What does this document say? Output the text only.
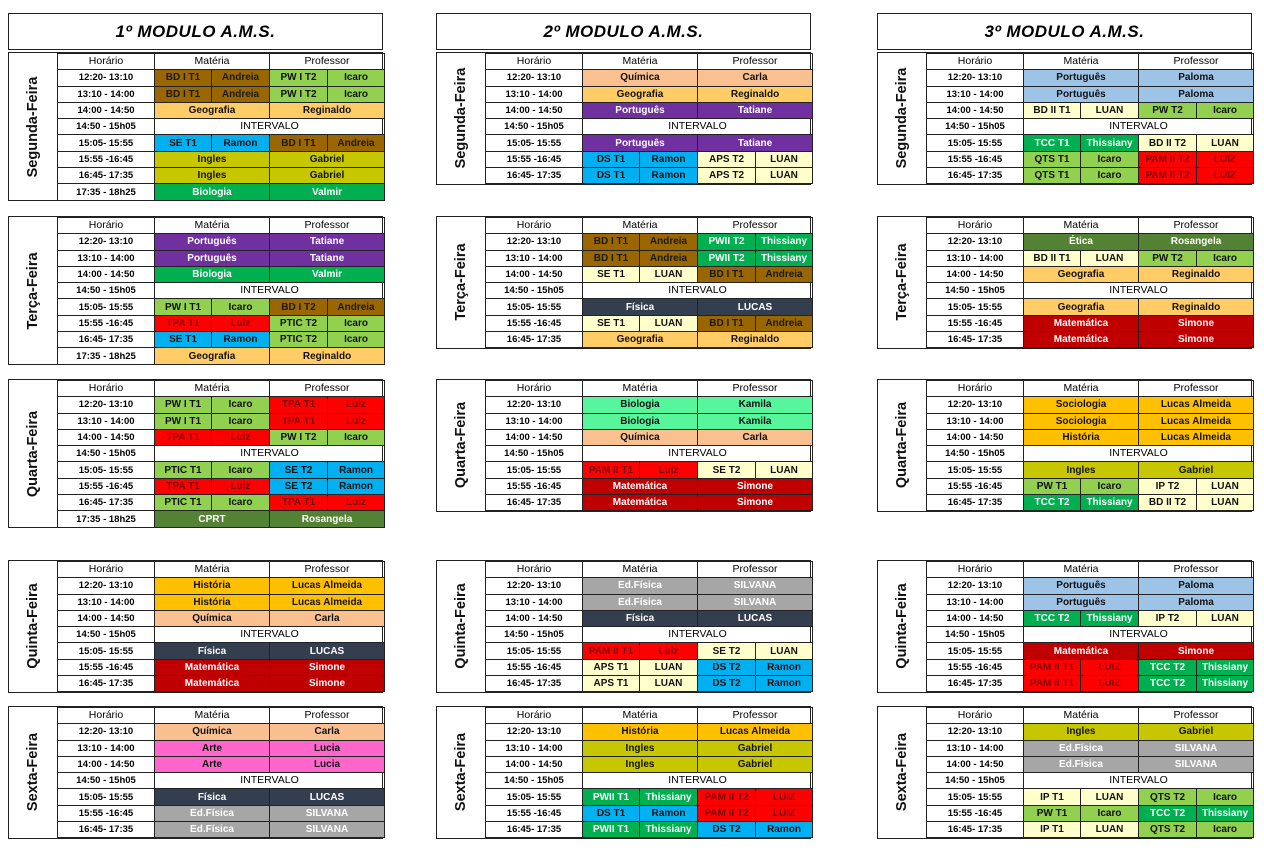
1º MODULO A.M.S.
Segunda-Feira
Horário	Matéria		Professor	
12:20- 13:10	BD I T1	Andreia	PW I T2	Icaro
13:10 - 14:00	BD I T1	Andreia	PW I T2	Icaro
14:00 - 14:50	Geografia		Reginaldo	
14:50 - 15h05	INTERVALO			
15:05- 15:55	SE T1	Ramon	BD I T1	Andreia
15:55 -16:45	Ingles		Gabriel	
16:45- 17:35	Ingles		Gabriel	
17:35 - 18h25	Biologia		Valmir	
Terça-Feira
Horário	Matéria		Professor	
12:20- 13:10	Português		Tatiane	
13:10 - 14:00	Português		Tatiane	
14:00 - 14:50	Biologia		Valmir	
14:50 - 15h05	INTERVALO			
15:05- 15:55	PW I T1	Icaro	BD I T2	Andreia
15:55 -16:45	TPA T1	Luiz	PTIC T2	Icaro
16:45- 17:35	SE T1	Ramon	PTIC T2	Icaro
17:35 - 18h25	Geografia		Reginaldo	
Quarta-Feira
Horário	Matéria		Professor	
12:20- 13:10	PW I T1	Icaro	TPA T1	Luiz
13:10 - 14:00	PW I T1	Icaro	TPA T1	Luiz
14:00 - 14:50	TPA T1	Luiz	PW I T2	Icaro
14:50 - 15h05	INTERVALO			
15:05- 15:55	PTIC T1	Icaro	SE T2	Ramon
15:55 -16:45	TPA T1	Luiz	SE T2	Ramon
16:45- 17:35	PTIC T1	Icaro	TPA T1	Luiz
17:35 - 18h25	CPRT		Rosangela	
Quinta-Feira
Horário	Matéria	Professor
12:20- 13:10	História	Lucas Almeida
13:10 - 14:00	História	Lucas Almeida
14:00 - 14:50	Química	Carla
14:50 - 15h05	INTERVALO	
15:05- 15:55	Física	LUCAS
15:55 -16:45	Matemática	Simone
16:45- 17:35	Matemática	Simone
Sexta-Feira
Horário	Matéria	Professor
12:20- 13:10	Química	Carla
13:10 - 14:00	Arte	Lucia
14:00 - 14:50	Arte	Lucia
14:50 - 15h05	INTERVALO	
15:05- 15:55	Física	LUCAS
15:55 -16:45	Ed.Física	SILVANA
16:45- 17:35	Ed.Física	SILVANA
2º MODULO A.M.S.
Segunda-Feira
Horário	Matéria		Professor	
12:20- 13:10	Química		Carla	
13:10 - 14:00	Geografia		Reginaldo	
14:00 - 14:50	Português		Tatiane	
14:50 - 15h05	INTERVALO			
15:05- 15:55	Português		Tatiane	
15:55 -16:45	DS T1	Ramon	APS T2	LUAN
16:45- 17:35	DS T1	Ramon	APS T2	LUAN
Terça-Feira
Horário	Matéria		Professor	
12:20- 13:10	BD I T1	Andreia	PWII T2	Thissiany
13:10 - 14:00	BD I T1	Andreia	PWII T2	Thissiany
14:00 - 14:50	SE T1	LUAN	BD I T1	Andreia
14:50 - 15h05	INTERVALO			
15:05- 15:55	Física		LUCAS	
15:55 -16:45	SE T1	LUAN	BD I T1	Andreia
16:45- 17:35	Geografia		Reginaldo	
Quarta-Feira
Horário	Matéria		Professor	
12:20- 13:10	Biologia		Kamila	
13:10 - 14:00	Biologia		Kamila	
14:00 - 14:50	Química		Carla	
14:50 - 15h05	INTERVALO			
15:05- 15:55	PAM II T1	Luiz	SE T2	LUAN
15:55 -16:45	Matemática		Simone	
16:45- 17:35	Matemática		Simone	
Quinta-Feira
Horário	Matéria		Professor	
12:20- 13:10	Ed.Física		SILVANA	
13:10 - 14:00	Ed.Física		SILVANA	
14:00 - 14:50	Física		LUCAS	
14:50 - 15h05	INTERVALO			
15:05- 15:55	PAM II T1	Luiz	SE T2	LUAN
15:55 -16:45	APS T1	LUAN	DS T2	Ramon
16:45- 17:35	APS T1	LUAN	DS T2	Ramon
Sexta-Feira
Horário	Matéria		Professor	
12:20- 13:10	História		Lucas Almeida	
13:10 - 14:00	Ingles		Gabriel	
14:00 - 14:50	Ingles		Gabriel	
14:50 - 15h05	INTERVALO			
15:05- 15:55	PWII T1	Thissiany	PAM II T2	LUIZ
15:55 -16:45	DS T1	Ramon	PAM II T2	LUIZ
16:45- 17:35	PWII T1	Thissiany	DS T2	Ramon
3º MODULO A.M.S.
Segunda-Feira
Horário	Matéria		Professor	
12:20- 13:10	Português		Paloma	
13:10 - 14:00	Português		Paloma	
14:00 - 14:50	BD II T1	LUAN	PW T2	Icaro
14:50 - 15h05	INTERVALO			
15:05- 15:55	TCC T1	Thissiany	BD II T2	LUAN
15:55 -16:45	QTS T1	Icaro	PAM II T2	LUIZ
16:45- 17:35	QTS T1	Icaro	PAM II T2	LUIZ
Terça-Feira
Horário	Matéria		Professor	
12:20- 13:10	Ética		Rosangela	
13:10 - 14:00	BD II T1	LUAN	PW T2	Icaro
14:00 - 14:50	Geografia		Reginaldo	
14:50 - 15h05	INTERVALO			
15:05- 15:55	Geografia		Reginaldo	
15:55 -16:45	Matemática		Simone	
16:45- 17:35	Matemática		Simone	
Quarta-Feira
Horário	Matéria		Professor	
12:20- 13:10	Sociologia		Lucas Almeida	
13:10 - 14:00	Sociologia		Lucas Almeida	
14:00 - 14:50	História		Lucas Almeida	
14:50 - 15h05	INTERVALO			
15:05- 15:55	Ingles		Gabriel	
15:55 -16:45	PW T1	Icaro	IP T2	LUAN
16:45- 17:35	TCC T2	Thissiany	BD II T2	LUAN
Quinta-Feira
Horário	Matéria		Professor	
12:20- 13:10	Português		Paloma	
13:10 - 14:00	Português		Paloma	
14:00 - 14:50	TCC T2	Thissiany	IP T2	LUAN
14:50 - 15h05	INTERVALO			
15:05- 15:55	Matemática		Simone	
15:55 -16:45	PAM II T1	LUIZ	TCC T2	Thissiany
16:45- 17:35	PAM II T1	LUIZ	TCC T2	Thissiany
Sexta-Feira
Horário	Matéria		Professor	
12:20- 13:10	Ingles		Gabriel	
13:10 - 14:00	Ed.Física		SILVANA	
14:00 - 14:50	Ed.Física		SILVANA	
14:50 - 15h05	INTERVALO			
15:05- 15:55	IP T1	LUAN	QTS T2	Icaro
15:55 -16:45	PW T1	Icaro	TCC T2	Thissiany
16:45- 17:35	IP T1	LUAN	QTS T2	Icaro
